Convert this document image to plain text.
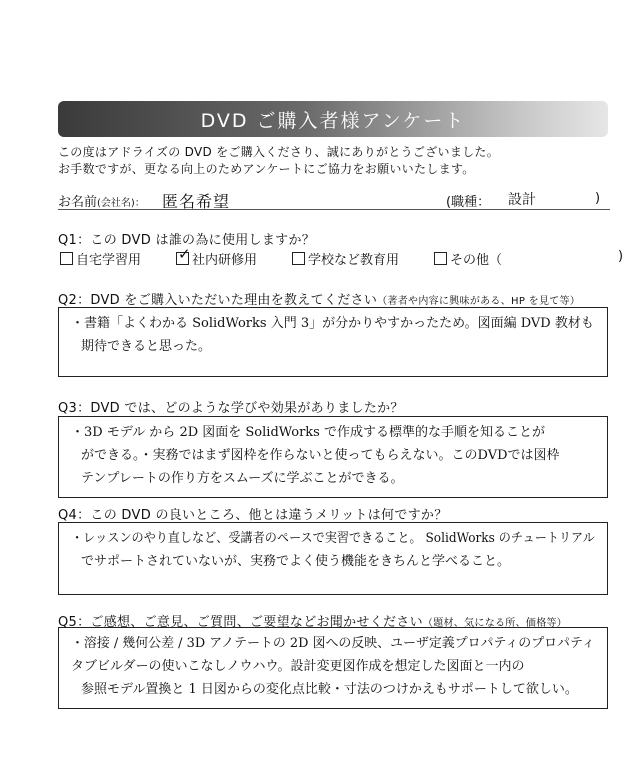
DVD ご購入者様アンケート
この度はアドライズの DVD をご購入くださり、誠にありがとうございました。
お手数ですが、更なる向上のためアンケートにご協力をお願いいたします。
お名前(会社名)： 匿名希望	(職種： 設計	)
Q1：この DVD は誰の為に使用しますか？
自宅学習用 ✓ 社内研修用	学校など教育用	その他（	)
Q2：DVD をご購入いただいた理由を教えてください（著者や内容に興味がある、HP を見て等）

・書籍「よくわかる SolidWorks 入門 3」が分かりやすかったため。図面編 DVD 教材も

期待できると思った。

Q3：DVD では、どのような学びや効果がありましたか？

・3D モデル から 2D 図面を SolidWorks で作成する標準的な手順を知ることが

ができる。・実務ではまず図枠を作らないと使ってもらえない。このDVDでは図枠

テンプレートの作り方をスムーズに学ぶことができる。

Q4：この DVD の良いところ、他とは違うメリットは何ですか？

・レッスンのやり直しなど、受講者のペースで実習できること。 SolidWorks のチュートリアル

でサポートされていないが、実務でよく使う機能をきちんと学べること。

Q5：ご感想、ご意見、ご質問、ご要望などお聞かせください（題材、気になる所、価格等）

・溶接 / 幾何公差 / 3D アノテートの 2D 図への反映、ユーザ定義プロパティのプロパティ

タブビルダーの使いこなしノウハウ。設計変更図作成を想定した図面と一内の

参照モデル置換と 1 日図からの変化点比較・寸法のつけかえもサポートして欲しい。
